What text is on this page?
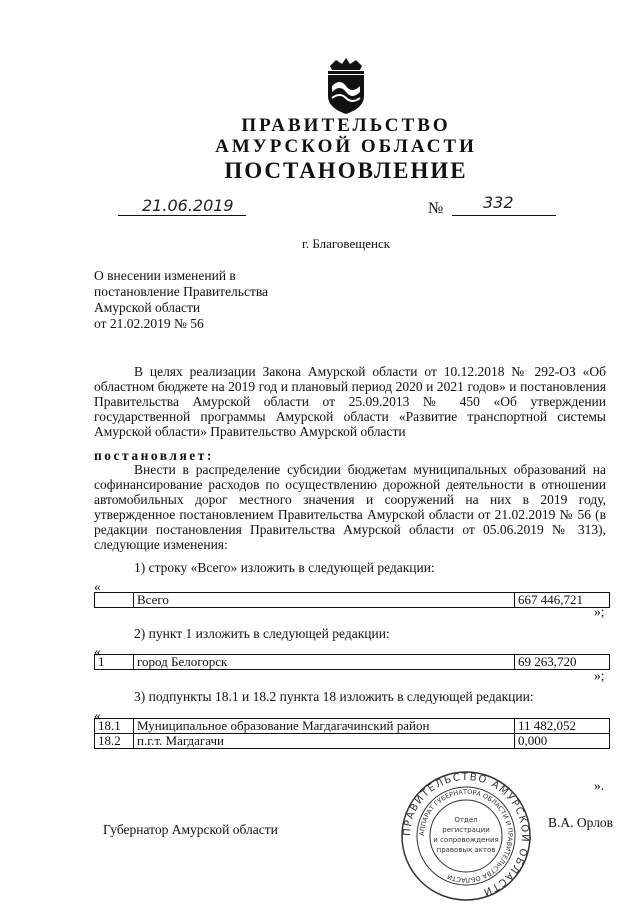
ПРАВИТЕЛЬСТВО
АМУРСКОЙ ОБЛАСТИ
ПОСТАНОВЛЕНИЕ
21.06.2019	№ 332
г. Благовещенск
О внесении изменений в
постановление Правительства
Амурской области
от 21.02.2019 № 56
В целях реализации Закона Амурской области от 10.12.2018 № 292-ОЗ «Об областном бюджете на 2019 год и плановый период 2020 и 2021 годов» и постановления Правительства Амурской области от 25.09.2013 № 450 «Об утверждении государственной программы Амурской области «Развитие транспортной системы Амурской области» Правительство Амурской области
постановляет:
Внести в распределение субсидии бюджетам муниципальных образований на софинансирование расходов по осуществлению дорожной деятельности в отношении автомобильных дорог местного значения и сооружений на них в 2019 году, утвержденное постановлением Правительства Амурской области от 21.02.2019 № 56 (в редакции постановления Правительства Амурской области от 05.06.2019 № 313), следующие изменения:
1) строку «Всего» изложить в следующей редакции:
«
	Всего	667 446,721
»;
2) пункт 1 изложить в следующей редакции:
«
1	город Белогорск	69 263,720
»;
3) подпункты 18.1 и 18.2 пункта 18 изложить в следующей редакции:
«
18.1	Муниципальное образование Магдагачинский район	11 482,052
18.2	п.г.т. Магдагачи	0,000
».
ПРАВИТЕЛЬСТВО АМУРСКОЙ ОБЛАСТИ
АППАРАТ ГУБЕРНАТОРА ОБЛАСТИ И ПРАВИТЕЛЬСТВА ОБЛАСТИ
Отдел
регистрации
и сопровождения
правовых актов
Губернатор Амурской области	В.А. Орлов
